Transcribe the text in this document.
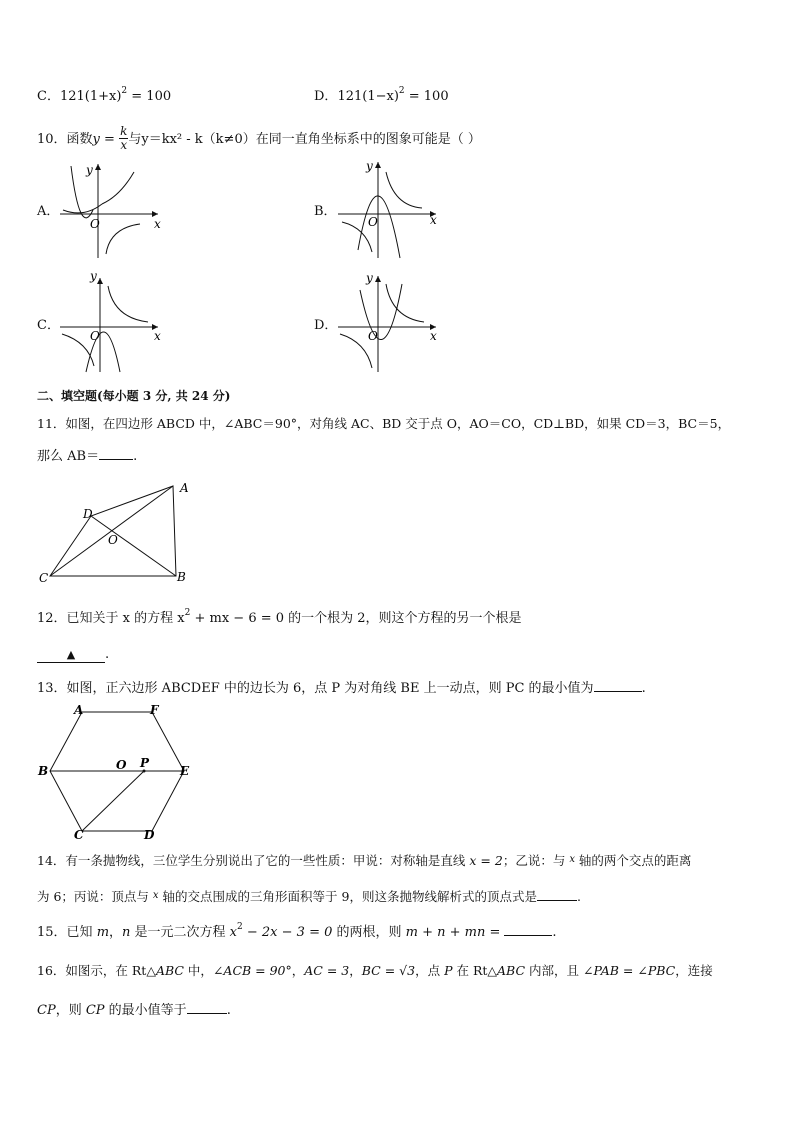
C．$121(1+x)^2 = 100$	D．$121(1-x)^2 = 100$
10．函数$y = \frac{k}{x}$ 与y＝kx² ‑ k（k≠0）在同一直角坐标系中的图象可能是（ ）
A．	B．
C．	D．
y
x
O
y
x
O
y
x
O
y
x
O
二、填空题(每小题 3 分, 共 24 分)
11．如图，在四边形 ABCD 中，∠ABC＝90°，对角线 AC、BD 交于点 O，AO＝CO，CD⊥BD，如果 CD＝3，BC＝5，
那么 AB＝	.
A
B
C
D
O
12．已知关于 x 的方程 $x^2$ + mx − 6 = 0 的一个根为 2，则这个方程的另一个根是
▲ .
13．如图，正六边形 ABCDEF 中的边长为 6，点 P 为对角线 BE 上一动点，则 PC 的最小值为	.
A	F
B	E
O P
C	D
14．有一条抛物线，三位学生分别说出了它的一些性质：甲说：对称轴是直线 x = 2；乙说：与 $^x$ 轴的两个交点的距离
为 6；丙说：顶点与 $^x$ 轴的交点围成的三角形面积等于 9，则这条抛物线解析式的顶点式是	.
15．已知 m，n 是一元二次方程 $x^2 - 2x - 3 = 0$ 的两根，则 m + n + mn =	.
16．如图示，在 Rt△ABC 中，∠ACB = 90°，AC = 3，BC = √3，点 P 在 Rt△ABC 内部，且 ∠PAB = ∠PBC，连接
CP，则 CP 的最小值等于	.
